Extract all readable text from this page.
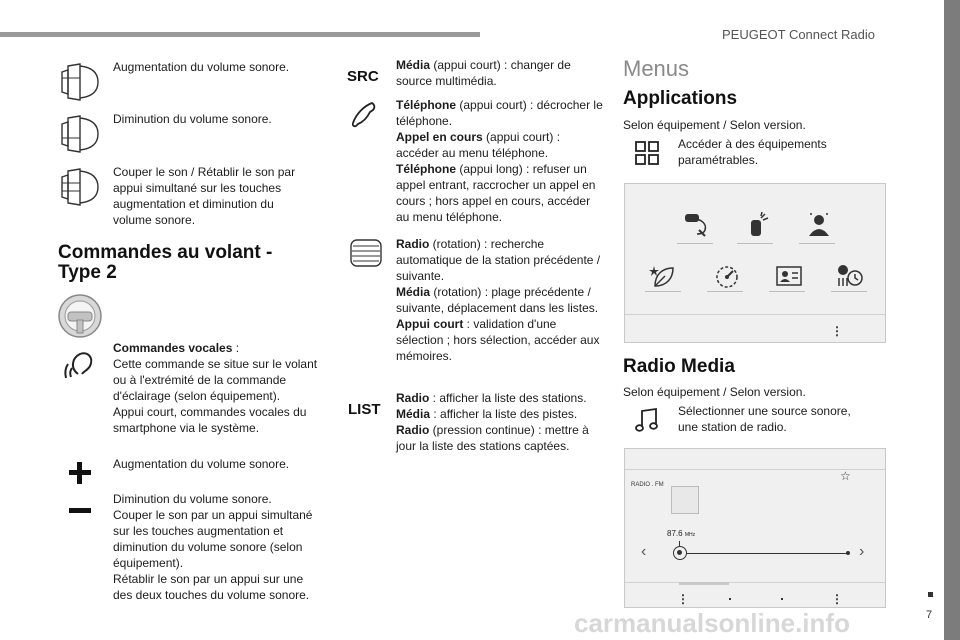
PEUGEOT Connect Radio
7
Augmentation du volume sonore.
Diminution du volume sonore.
Couper le son / Rétablir le son par appui simultané sur les touches augmentation et diminution du volume sonore.
Commandes au volant -
Type 2
Commandes vocales :
Cette commande se situe sur le volant ou à l'extrémité de la commande d'éclairage (selon équipement).
Appui court, commandes vocales du smartphone via le système.
Augmentation du volume sonore.
Diminution du volume sonore.
Couper le son par un appui simultané sur les touches augmentation et diminution du volume sonore (selon équipement).
Rétablir le son par un appui sur une des deux touches du volume sonore.
SRC
Média (appui court) : changer de source multimédia.
Téléphone (appui court) : décrocher le téléphone.
Appel en cours (appui court) : accéder au menu téléphone.
Téléphone (appui long) : refuser un appel entrant, raccrocher un appel en cours ; hors appel en cours, accéder au menu téléphone.
Radio (rotation) : recherche automatique de la station précédente / suivante.
Média (rotation) : plage précédente / suivante, déplacement dans les listes.
Appui court : validation d'une sélection ; hors sélection, accéder aux mémoires.
LIST
Radio : afficher la liste des stations.
Média : afficher la liste des pistes.
Radio (pression continue) : mettre à jour la liste des stations captées.
Menus
Applications
Selon équipement / Selon version.
Accéder à des équipements paramétrables.
⋮
Radio Media
Selon équipement / Selon version.
Sélectionner une source sonore, une station de radio.
RADIO . FM
☆
87.6 MHz
‹	›
⋮	⋮
carmanualsonline.info
